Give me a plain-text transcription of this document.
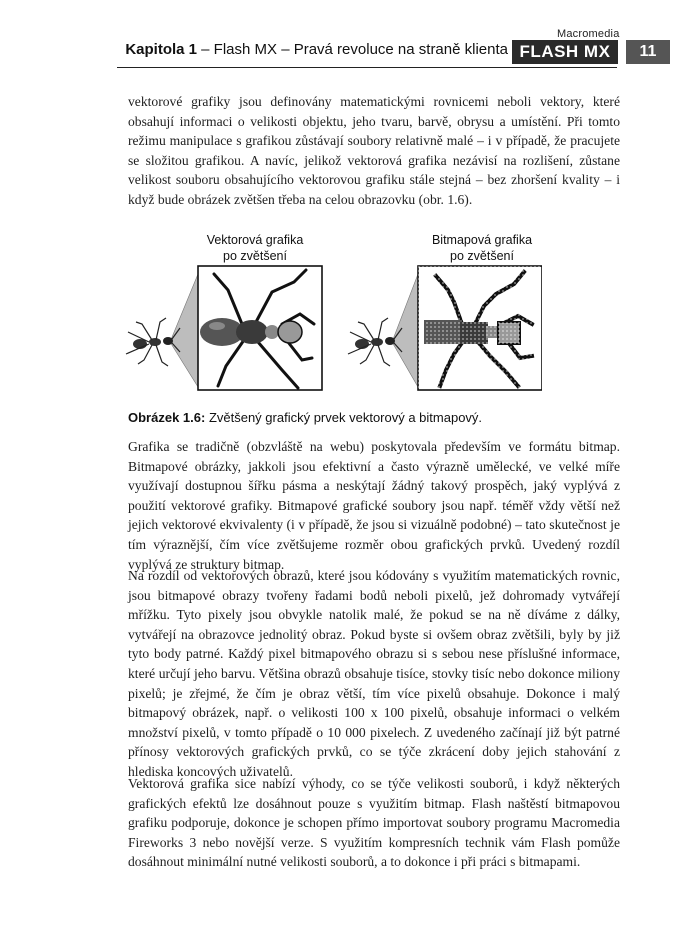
Macromedia
Kapitola 1 – Flash MX – Pravá revoluce na straně klienta FLASH MX	11
vektorové grafiky jsou definovány matematickými rovnicemi neboli vektory, které obsahují informaci o velikosti objektu, jeho tvaru, barvě, obrysu a umístění. Při tomto režimu manipulace s grafikou zůstávají soubory relativně malé – i v případě, že pracujete se složitou grafikou. A navíc, jelikož vektorová grafika nezávisí na rozlišení, zůstane velikost souboru obsahujícího vektorovou grafiku stále stejná – bez zhoršení kvality – i když bude obrázek zvětšen třeba na celou obrazovku (obr. 1.6).
Vektorová grafika
po zvětšení
Bitmapová grafika
po zvětšení
Obrázek 1.6: Zvětšený grafický prvek vektorový a bitmapový.
Grafika se tradičně (obzvláště na webu) poskytovala především ve formátu bitmap. Bitmapové obrázky, jakkoli jsou efektivní a často výrazně umělecké, ve velké míře využívají dostupnou šířku pásma a neskýtají žádný takový prospěch, jaký vyplývá z použití vektorové grafiky. Bitmapové grafické soubory jsou např. téměř vždy větší než jejich vektorové ekvivalenty (i v případě, že jsou si vizuálně podobné) – tato skutečnost je tím výraznější, čím více zvětšujeme rozměr obou grafických prvků. Uvedený rozdíl vyplývá ze struktury bitmap.
Na rozdíl od vektorových obrazů, které jsou kódovány s využitím matematických rovnic, jsou bitmapové obrazy tvořeny řadami bodů neboli pixelů, jež dohromady vytvářejí mřížku. Tyto pixely jsou obvykle natolik malé, že pokud se na ně díváme z dálky, vytvářejí na obrazovce jednolitý obraz. Pokud byste si ovšem obraz zvětšili, byly by již tyto body patrné. Každý pixel bitmapového obrazu si s sebou nese příslušné informace, které určují jeho barvu. Většina obrazů obsahuje tisíce, stovky tisíc nebo dokonce miliony pixelů; je zřejmé, že čím je obraz větší, tím více pixelů obsahuje. Dokonce i malý bitmapový obrázek, např. o velikosti 100 x 100 pixelů, obsahuje informaci o velkém množství pixelů, v tomto případě o 10 000 pixelech. Z uvedeného začínají již být patrné přínosy vektorových grafických prvků, co se týče zkrácení doby jejich stahování z hlediska koncových uživatelů.
Vektorová grafika sice nabízí výhody, co se týče velikosti souborů, i když některých grafických efektů lze dosáhnout pouze s využitím bitmap. Flash naštěstí bitmapovou grafiku podporuje, dokonce je schopen přímo importovat soubory programu Macromedia Fireworks 3 nebo novější verze. S využitím kompresních technik vám Flash pomůže dosáhnout minimální nutné velikosti souborů, a to dokonce i při práci s bitmapami.
